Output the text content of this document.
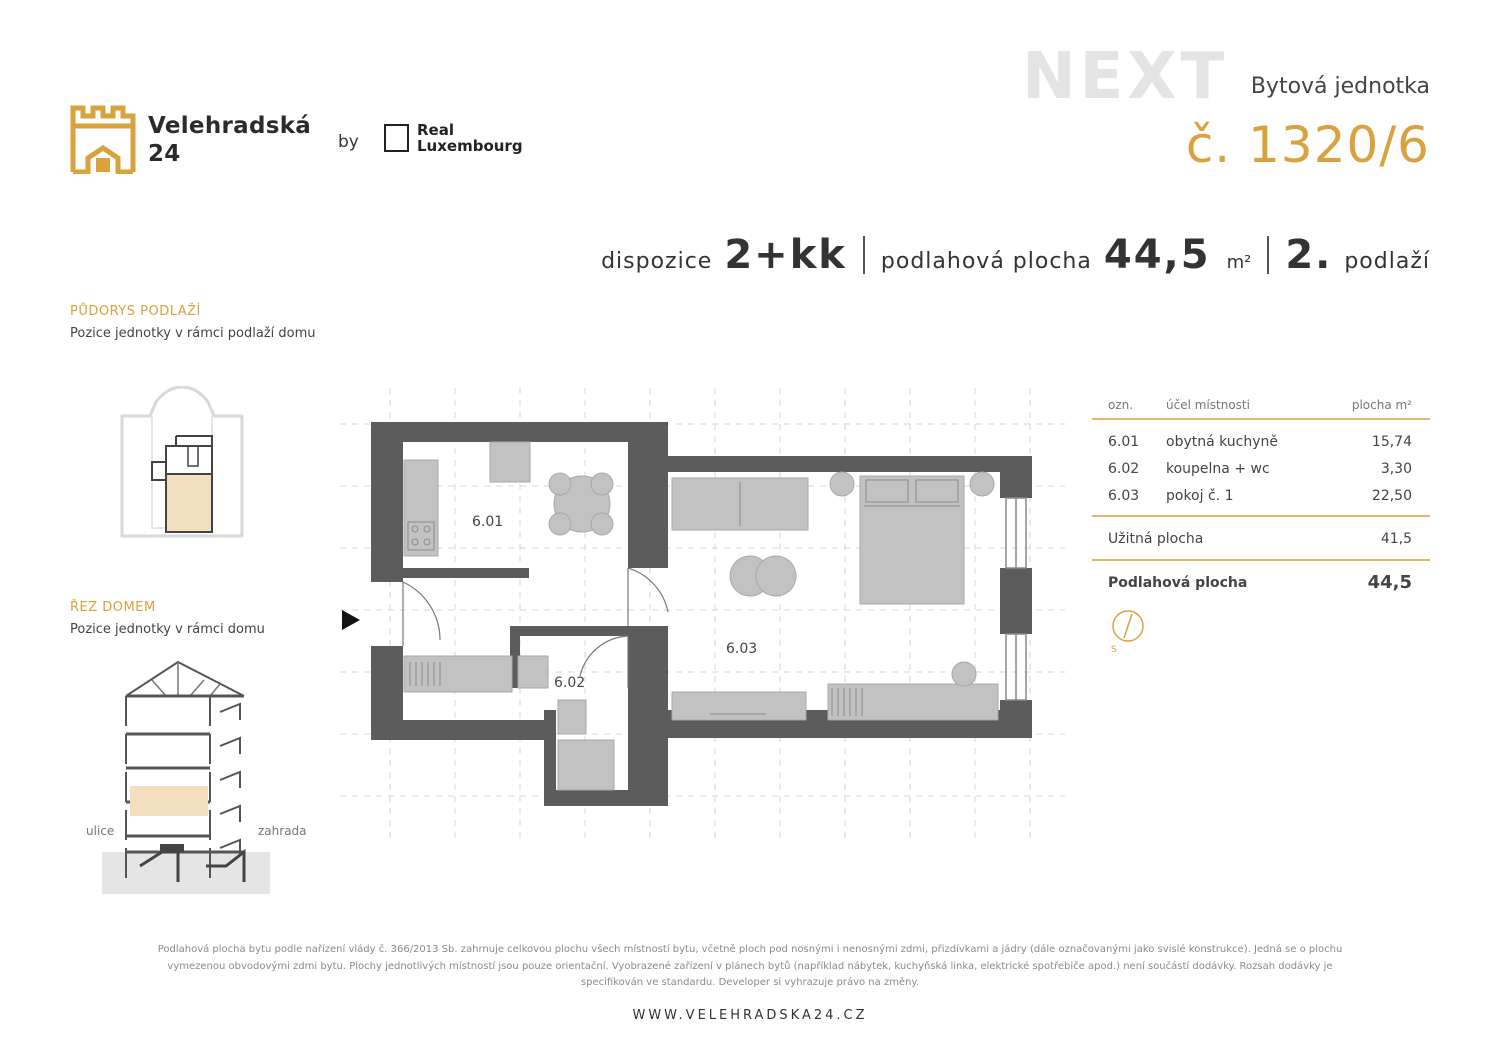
Velehradská
24	by
Real
Luxembourg
NEXT Bytová jednotka
č. 1320/6
dispozice 2+kk podlahová plocha 44,5 m² 2. podlaží
PŮDORYS PODLAŽÍ
Pozice jednotky v rámci podlaží domu
ŘEZ DOMEM
Pozice jednotky v rámci domu
ulice	zahrada
6.01
6.02
6.03
ozn.	účel místnosti	plocha m²
6.01	obytná kuchyně	15,74
6.02	koupelna + wc	3,30
6.03	pokoj č. 1	22,50
Užitná plocha	41,5
Podlahová plocha	44,5
S
Podlahová plocha bytu podle nařízení vlády č. 366/2013 Sb. zahrnuje celkovou plochu všech místností bytu, včetně ploch pod nosnými i nenosnými zdmi, přizdívkami a jádry (dále označovanými jako svislé konstrukce). Jedná se o plochu
vymezenou obvodovými zdmi bytu. Plochy jednotlivých místností jsou pouze orientační. Vyobrazené zařízení v plánech bytů (například nábytek, kuchyňská linka, elektrické spotřebiče apod.) není součástí dodávky. Rozsah dodávky je
specifikován ve standardu. Developer si vyhrazuje právo na změny.
WWW.VELEHRADSKA24.CZ
